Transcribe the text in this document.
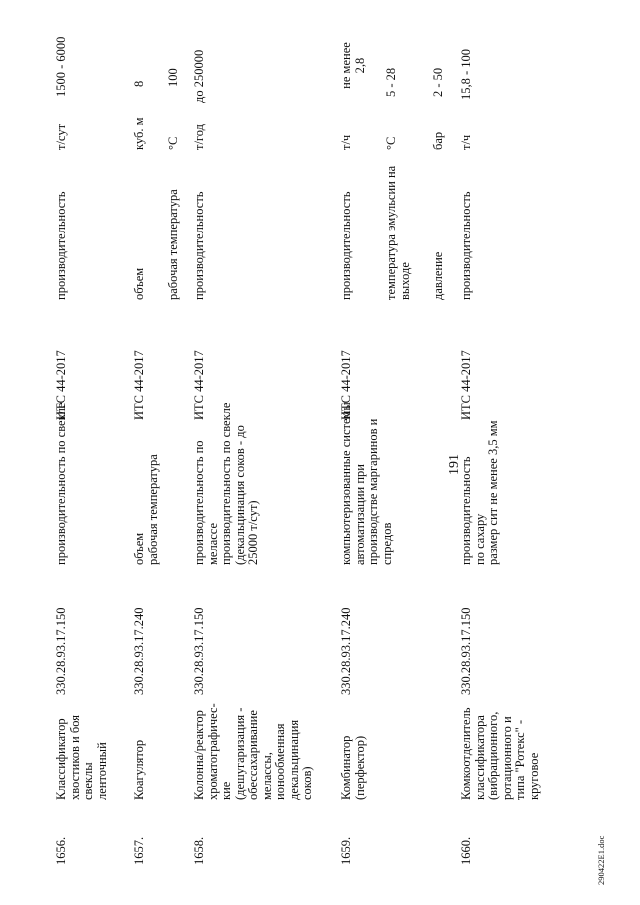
191
1656.
Классификатор хвостиков и боя свеклы ленточный
330.28.93.17.150
производительность по свекле
ИТС 44-2017
производительность
т/сут
1500 - 6000
1657.
Коагулятор
330.28.93.17.240
объем рабочая температура
ИТС 44-2017
объем рабочая температура
куб. м °С
8 100
1658.
Колонна/реактор хроматографичес- кие (дешугаризация - обессахаривание мелассы, ионообменная декальцинация соков)
330.28.93.17.150
производительность по мелассе производительность по свекле (декальцинация соков - до 25000 т/сут)
ИТС 44-2017
производительность
т/год
до 250000
1659.
Комбинатор (перфектор)
330.28.93.17.240
компьютеризованные системы автоматизации при производстве маргаринов и спредов
ИТС 44-2017
производительность температура эмульсии на выходе давление
т/ч °С	бар
не менее 2,8
5 - 28	2 - 50
1660.
Комкоотделитель классификатора (вибрационного, ротационного и типа "Ротекс" - круговое
330.28.93.17.150
производительность по сахару размер сит не менее 3,5 мм
ИТС 44-2017
производительность
т/ч
15,8 - 100
290422E1.doc
